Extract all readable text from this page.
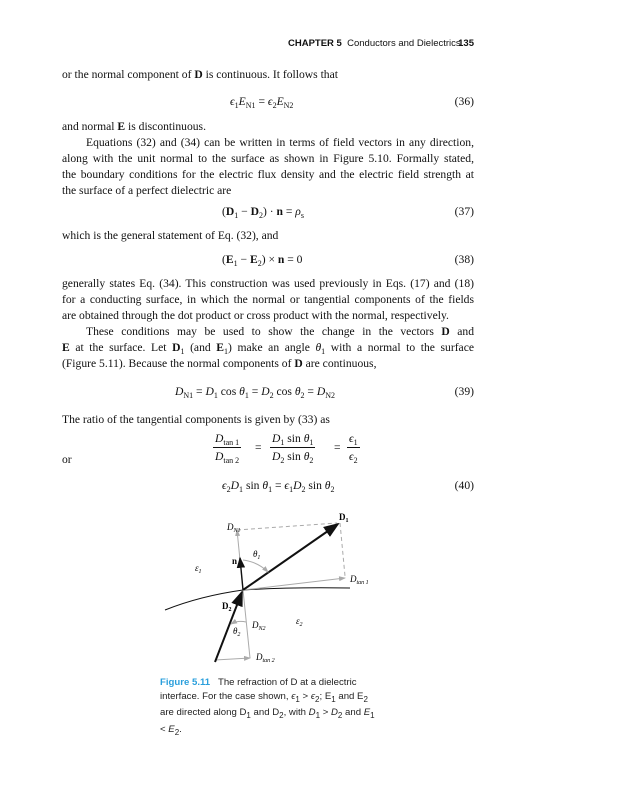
CHAPTER 5 Conductors and Dielectrics
135
or the normal component of D is continuous. It follows that
$\epsilon_1E_{N1} = \epsilon_2E_{N2}$	(36)
and normal E is discontinuous.
Equations (32) and (34) can be written in terms of field vectors in any direction,
along with the unit normal to the surface as shown in Figure 5.10. Formally stated,
the boundary conditions for the electric flux density and the electric field strength at
the surface of a perfect dielectric are
$(D_1 - D_2) \cdot n = \rho_s$	(37)
which is the general statement of Eq. (32), and
$(E_1 - E_2) \times n = 0$	(38)
generally states Eq. (34). This construction was used previously in Eqs. (17) and (18)
for a conducting surface, in which the normal or tangential components of the fields
are obtained through the dot product or cross product with the normal, respectively.
These conditions may be used to show the change in the vectors D and
E at the surface. Let $D_1$ (and $E_1$) make an angle $\theta_1$ with a normal to the surface
(Figure 5.11). Because the normal components of D are continuous,
$D_{N1} = D_1$ $\cos \theta_1 = D_2$ $\cos \theta_2 = D_{N2}$	(39)
The ratio of the tangential components is given by (33) as
$D_{tan 1}$
$D_{tan 2}$
=
$D_1$ $\sin \theta_1$
$D_2$ $\sin \theta_2$
=
$\epsilon_1$
$\epsilon_2$
or
$\epsilon_2D_1$ $\sin \theta_1 = \epsilon_1D_2$ $\sin \theta_2$	(40)
$D_1$
$D_{N1}$
$\theta_1$
n
$\varepsilon_1$
$D_{tan 1}$
$D_2$
$D_{N2}$
$\varepsilon_2$
$\theta_2$
$D_{tan 2}$
Figure 5.11 The refraction of D at a dielectric interface. For the case shown, $\epsilon_1 > \epsilon_2$; $E_1$ and $E_2$ are directed along $D_1$ and $D_2$, with $D_1 > D_2$ and $E_1 < E_2$.
